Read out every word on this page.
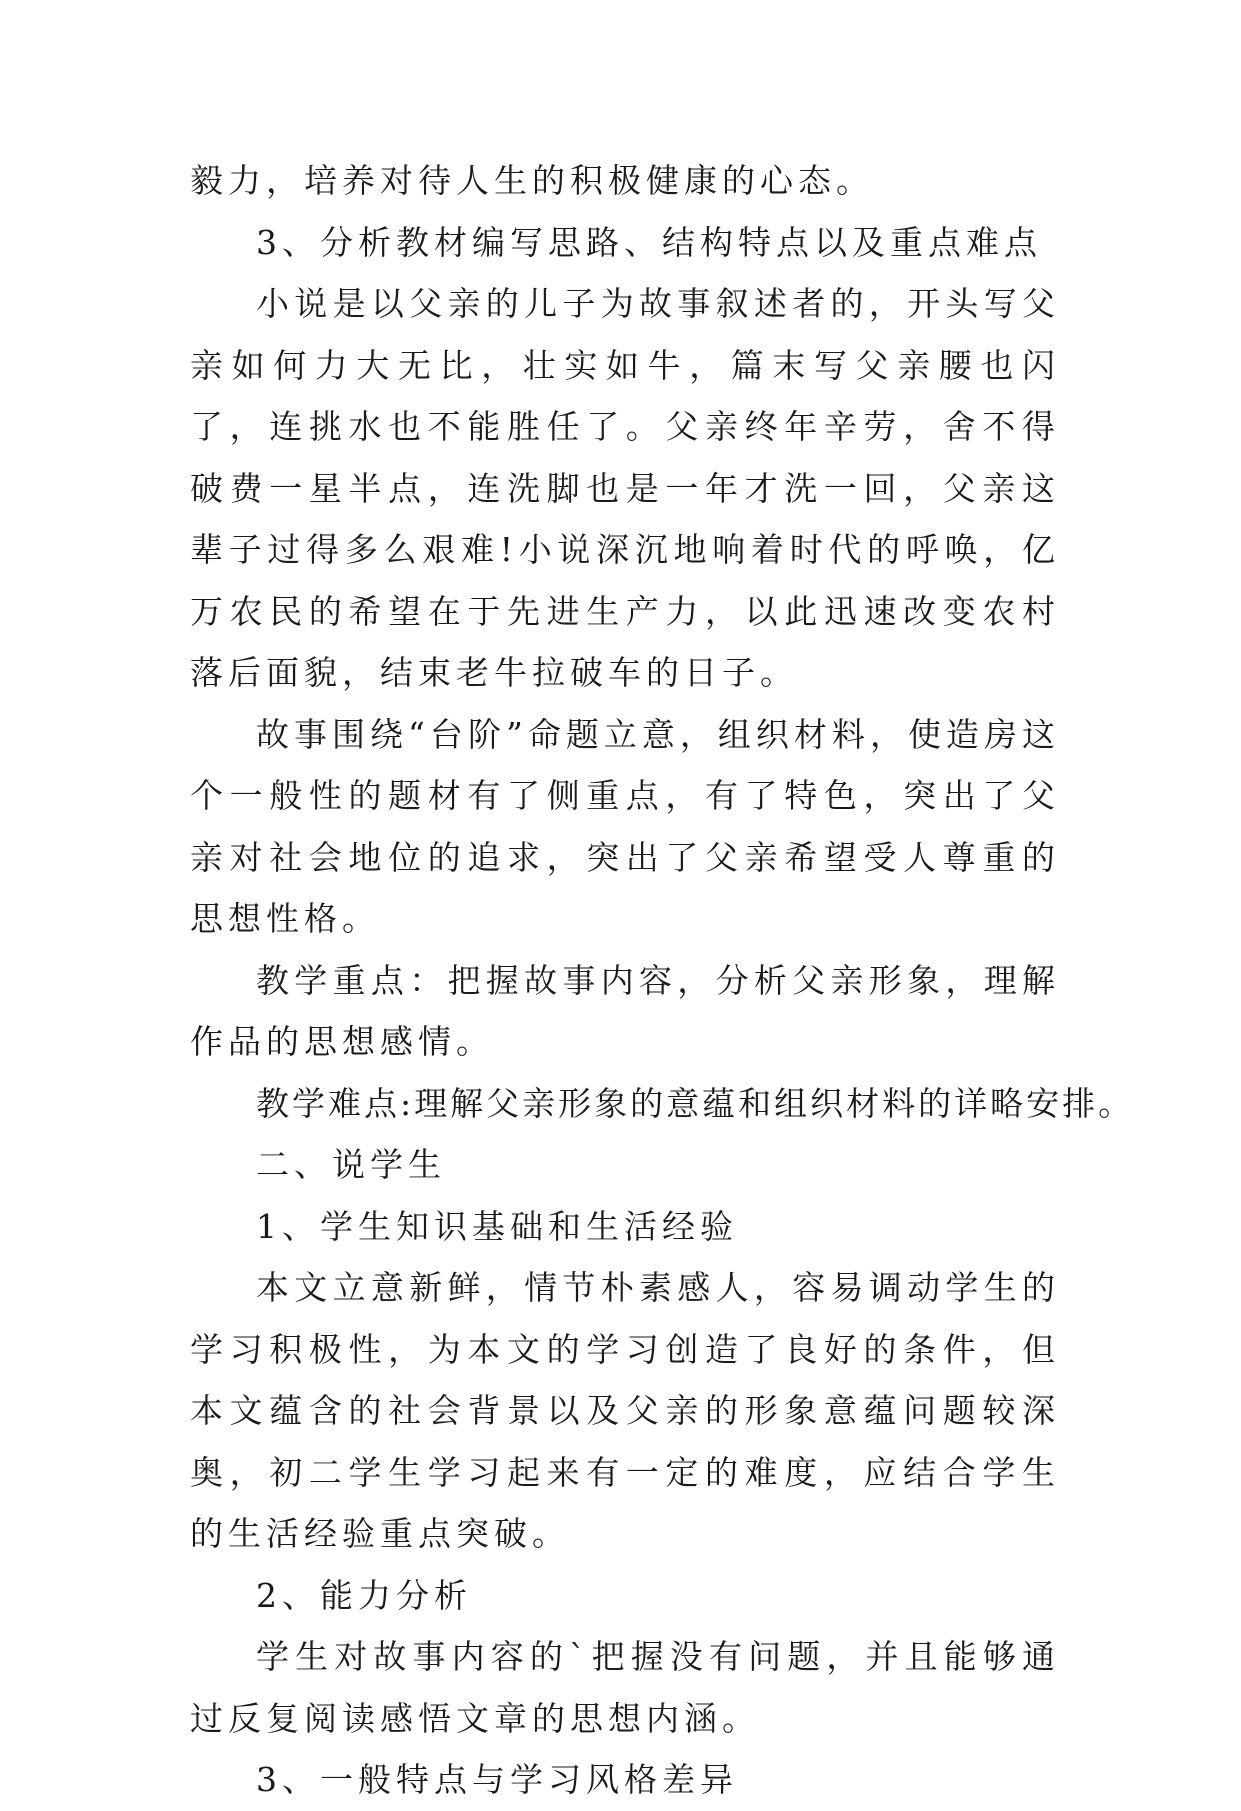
毅力，培养对待人生的积极健康的心态。

3、分析教材编写思路、结构特点以及重点难点

小说是以父亲的儿子为故事叙述者的，开头写父亲如何力大无比，壮实如牛，篇末写父亲腰也闪了，连挑水也不能胜任了。父亲终年辛劳，舍不得破费一星半点，连洗脚也是一年才洗一回，父亲这辈子过得多么艰难!小说深沉地响着时代的呼唤，亿万农民的希望在于先进生产力，以此迅速改变农村落后面貌，结束老牛拉破车的日子。

故事围绕“台阶”命题立意，组织材料，使造房这个一般性的题材有了侧重点，有了特色，突出了父亲对社会地位的追求，突出了父亲希望受人尊重的思想性格。

教学重点：把握故事内容，分析父亲形象，理解作品的思想感情。

教学难点:理解父亲形象的意蕴和组织材料的详略安排。

二、说学生

1、学生知识基础和生活经验

本文立意新鲜，情节朴素感人，容易调动学生的学习积极性，为本文的学习创造了良好的条件，但本文蕴含的社会背景以及父亲的形象意蕴问题较深奥，初二学生学习起来有一定的难度，应结合学生的生活经验重点突破。

2、能力分析

学生对故事内容的`把握没有问题，并且能够通过反复阅读感悟文章的思想内涵。

3、一般特点与学习风格差异
